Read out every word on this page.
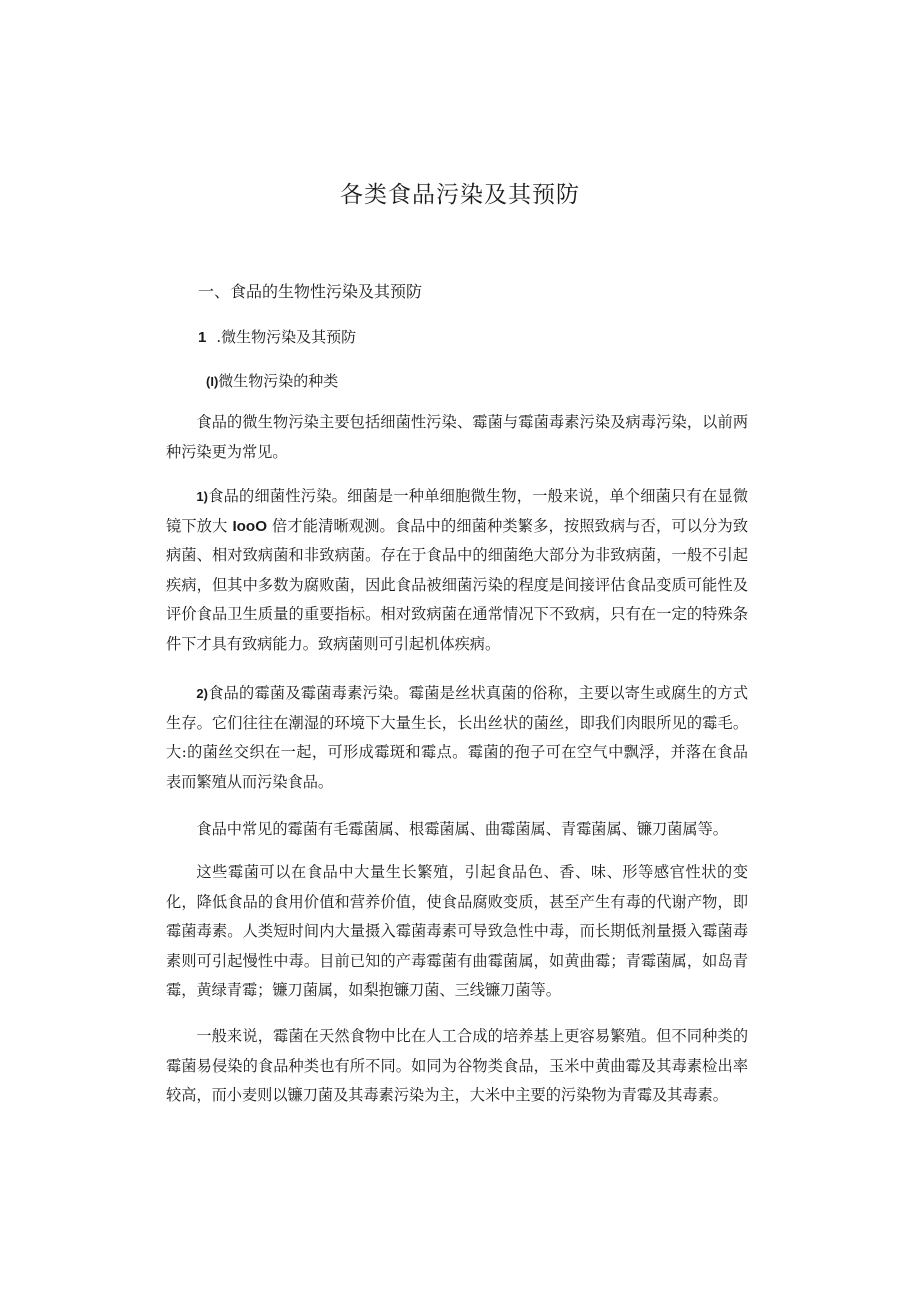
各类食品污染及其预防
一、食品的生物性污染及其预防
1 .微生物污染及其预防
(I)微生物污染的种类

食品的微生物污染主要包括细菌性污染、霉菌与霉菌毒素污染及病毒污染，以前两种污染更为常见。

1)食品的细菌性污染。细菌是一种单细胞微生物，一般来说，单个细菌只有在显微镜下放大 IooO 倍才能清晰观测。食品中的细菌种类繁多，按照致病与否，可以分为致病菌、相对致病菌和非致病菌。存在于食品中的细菌绝大部分为非致病菌，一般不引起疾病，但其中多数为腐败菌，因此食品被细菌污染的程度是间接评估食品变质可能性及评价食品卫生质量的重要指标。相对致病菌在通常情况下不致病，只有在一定的特殊条件下才具有致病能力。致病菌则可引起机体疾病。

2)食品的霉菌及霉菌毒素污染。霉菌是丝状真菌的俗称，主要以寄生或腐生的方式生存。它们往往在潮湿的环境下大量生长，长出丝状的菌丝，即我们肉眼所见的霉毛。大:的菌丝交织在一起，可形成霉斑和霉点。霉菌的孢子可在空气中飘浮，并落在食品表而繁殖从而污染食品。

食品中常见的霉菌有毛霉菌属、根霉菌属、曲霉菌属、青霉菌属、镰刀菌属等。

这些霉菌可以在食品中大量生长繁殖，引起食品色、香、味、形等感官性状的变化，降低食品的食用价值和营养价值，使食品腐败变质，甚至产生有毒的代谢产物，即霉菌毒素。人类短时间内大量摄入霉菌毒素可导致急性中毒，而长期低剂量摄入霉菌毒素则可引起慢性中毒。目前已知的产毒霉菌有曲霉菌属，如黄曲霉；青霉菌属，如岛青霉，黄绿青霉；镰刀菌属，如梨抱镰刀菌、三线镰刀菌等。

一般来说，霉菌在天然食物中比在人工合成的培养基上更容易繁殖。但不同种类的霉菌易侵染的食品种类也有所不同。如同为谷物类食品，玉米中黄曲霉及其毒素检出率较高，而小麦则以镰刀菌及其毒素污染为主，大米中主要的污染物为青霉及其毒素。
